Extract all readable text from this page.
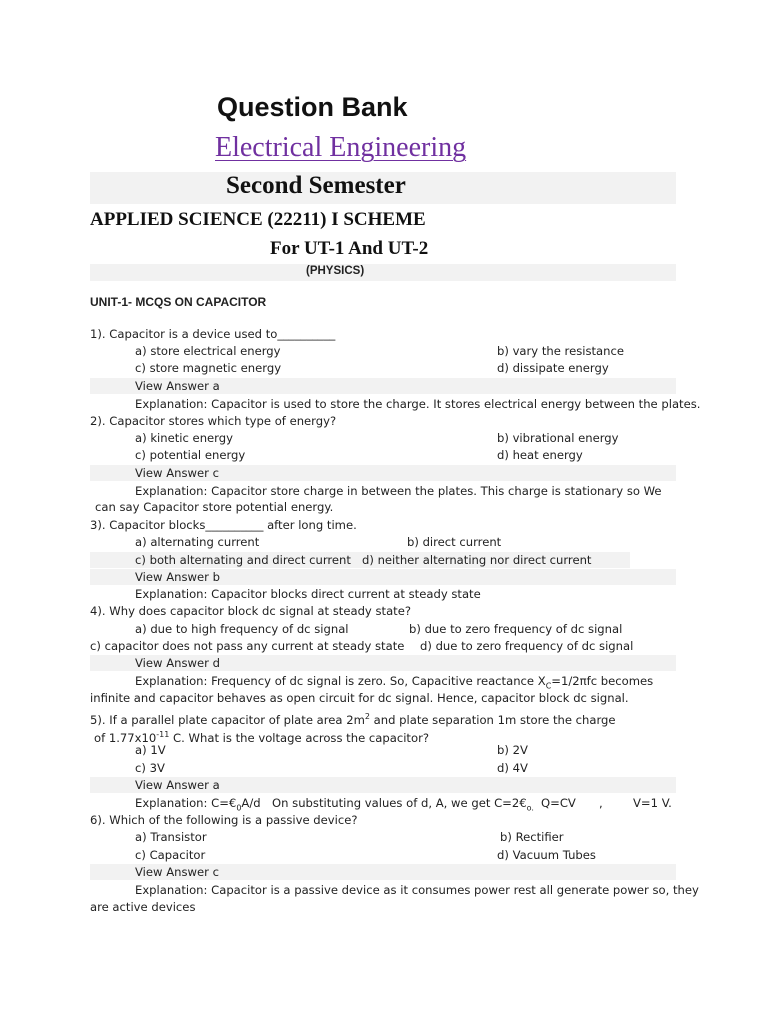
Question Bank
Electrical Engineering
Second Semester
APPLIED SCIENCE (22211) I SCHEME
For UT-1 And UT-2
(PHYSICS)
UNIT-1- MCQS ON CAPACITOR
1). Capacitor is a device used to__________
a) store electrical energy	b) vary the resistance
c) store magnetic energy	d) dissipate energy
View Answer a
Explanation: Capacitor is used to store the charge. It stores electrical energy between the plates.
2). Capacitor stores which type of energy?
a) kinetic energy	b) vibrational energy
c) potential energy	d) heat energy
View Answer c
Explanation: Capacitor store charge in between the plates. This charge is stationary so We
can say Capacitor store potential energy.
3). Capacitor blocks__________ after long time.
a) alternating current	b) direct current
c) both alternating and direct current d) neither alternating nor direct current
View Answer b
Explanation: Capacitor blocks direct current at steady state
4). Why does capacitor block dc signal at steady state?
a) due to high frequency of dc signal	b) due to zero frequency of dc signal
c) capacitor does not pass any current at steady state d) due to zero frequency of dc signal
View Answer d
Explanation: Frequency of dc signal is zero. So, Capacitive reactance $X_C=1/2\pi fc$ becomes
infinite and capacitor behaves as open circuit for dc signal. Hence, capacitor block dc signal.
5). If a parallel plate capacitor of plate area $2m^2$ and plate separation 1m store the charge
of $1.77x10^{-11}$ C. What is the voltage across the capacitor?
a) 1V	b) 2V
c) 3V	d) 4V
View Answer a
Explanation: $C=€_0A/d$ On substituting values of d, A, we get $C=2€_{o.}$ Q=CV ,	V=1 V.
6). Which of the following is a passive device?
a) Transistor	b) Rectifier
c) Capacitor	d) Vacuum Tubes
View Answer c
Explanation: Capacitor is a passive device as it consumes power rest all generate power so, they
are active devices
